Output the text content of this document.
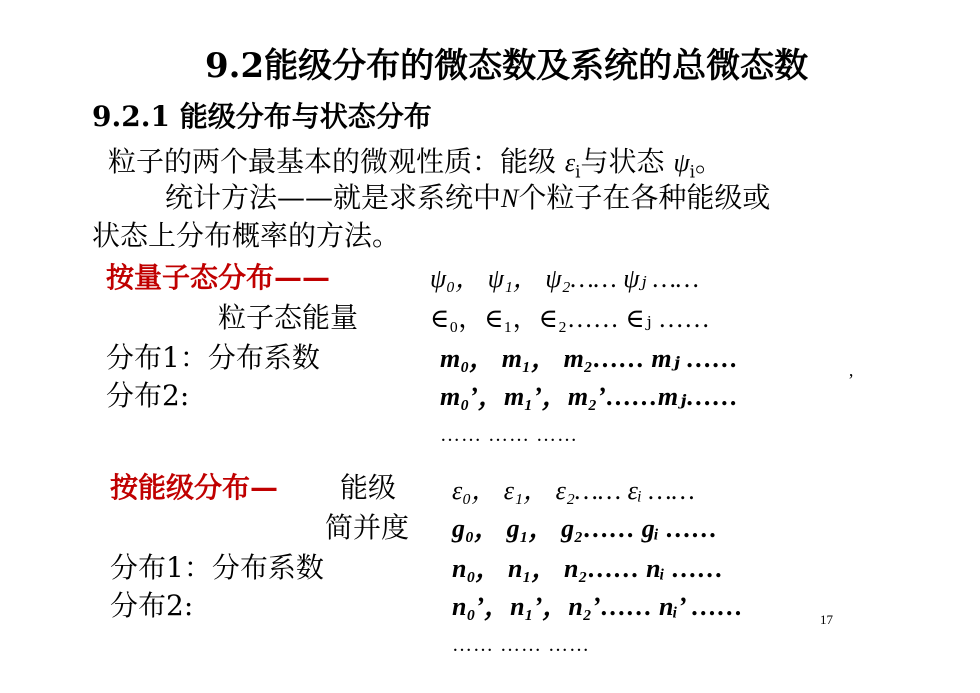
9.2能级分布的微态数及系统的总微态数
9.2.1 能级分布与状态分布
粒子的两个最基本的微观性质：能级 $\varepsilon_i$与状态 $\psi_i$。
统计方法——就是求系统中N个粒子在各种能级或
状态上分布概率的方法。
按量子态分布——	ψ₀， ψ₁， ψ₂…… ψⱼ ……
粒子态能量	∈₀，∈₁，∈₂…… ∈ⱼ ……
分布1：分布系数	m₀， m₁， m₂…… mⱼ ……
分布2:	m₀’，m₁’，m₂’……mⱼ……
’
…… …… ……
按能级分布— 能级 ε₀， ε₁， ε₂…… εᵢ ……
简并度 g₀， g₁， g₂…… gᵢ ……
分布1：分布系数	n₀， n₁， n₂…… nᵢ ……
分布2:	n₀’，n₁’，n₂’…… nᵢ’ ……	17
…… …… ……
